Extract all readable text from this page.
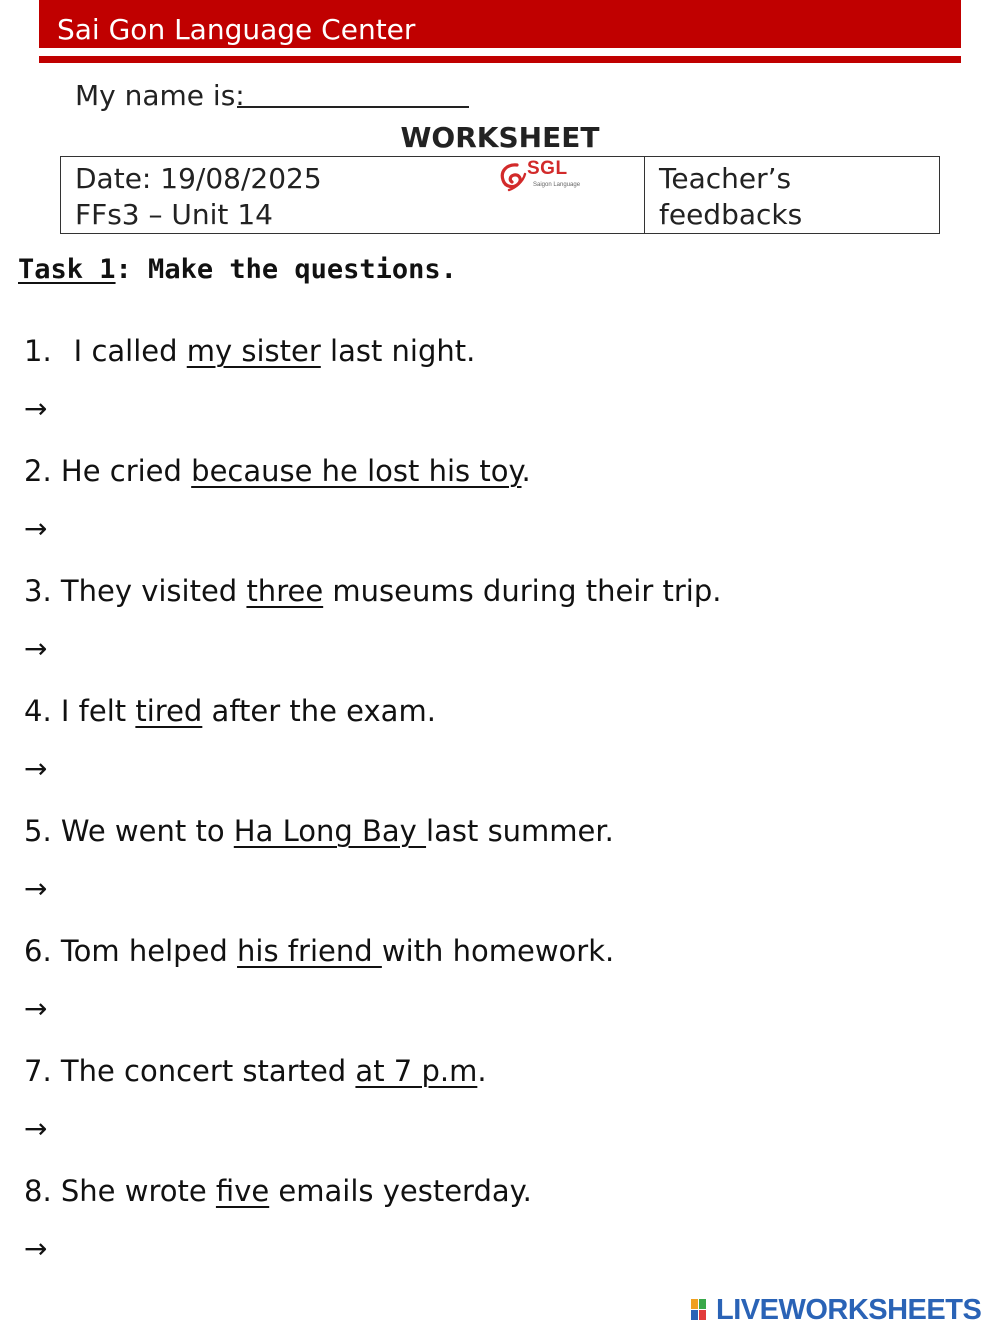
Sai Gon Language Center
My name is:
WORKSHEET
Date: 19/08/2025
FFs3 – Unit 14
SGL
Saigon Language	Teacher’s
feedbacks
Task 1: Make the questions.
1. I called my sister last night.
→
2. He cried because he lost his toy.
→
3. They visited three museums during their trip.
→
4. I felt tired after the exam.
→
5. We went to Ha Long Bay last summer.
→
6. Tom helped his friend with homework.
→
7. The concert started at 7 p.m.
→
8. She wrote five emails yesterday.
→
LIVEWORKSHEETS
